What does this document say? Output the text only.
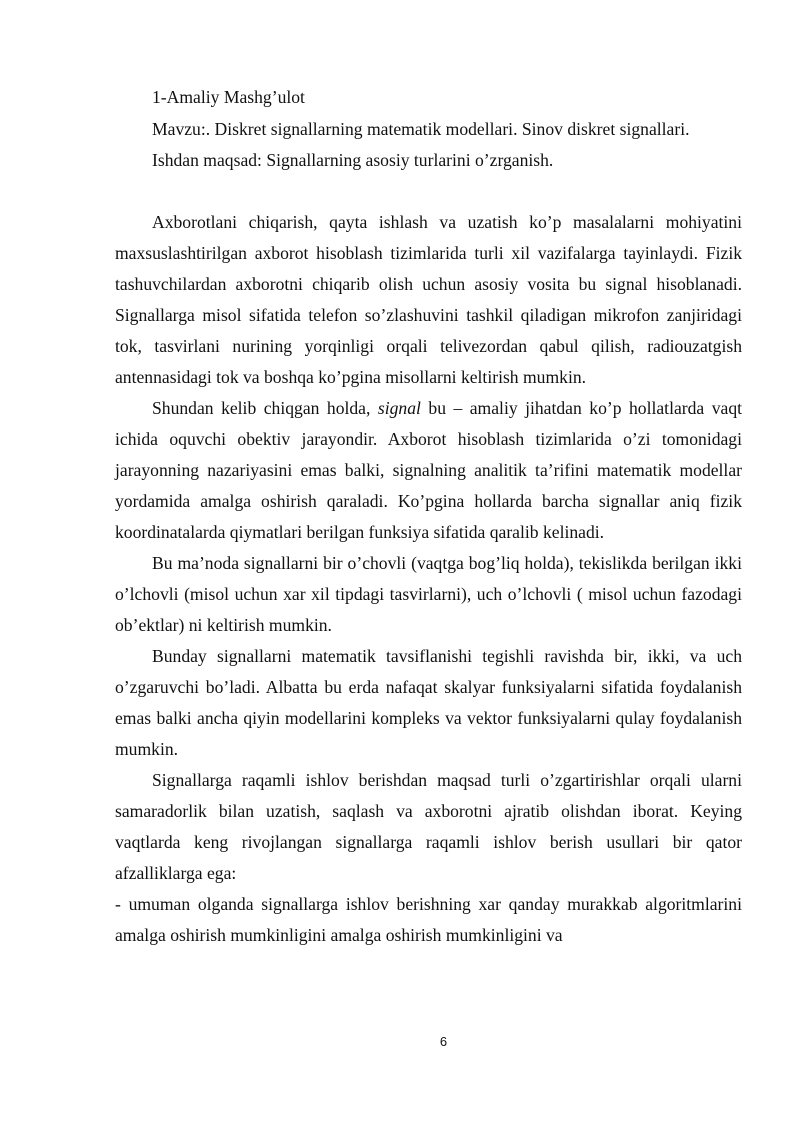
1-Amaliy Mashg’ulot
Mavzu:. Diskret signallarning matematik modellari. Sinov diskret signallari.
Ishdan maqsad: Signallarning asosiy turlarini o’zrganish.

Axborotlani chiqarish, qayta ishlash va uzatish ko’p masalalarni mohiyatini maxsuslashtirilgan axborot hisoblash tizimlarida turli xil vazifalarga tayinlaydi. Fizik tashuvchilardan axborotni chiqarib olish uchun asosiy vosita bu signal hisoblanadi. Signallarga misol sifatida telefon so’zlashuvini tashkil qiladigan mikrofon zanjiridagi tok, tasvirlani nurining yorqinligi orqali telivezordan qabul qilish, radiouzatgish antennasidagi tok va boshqa ko’pgina misollarni keltirish mumkin.

Shundan kelib chiqgan holda, signal bu – amaliy jihatdan ko’p hollatlarda vaqt ichida oquvchi obektiv jarayondir. Axborot hisoblash tizimlarida o’zi tomonidagi jarayonning nazariyasini emas balki, signalning analitik ta’rifini matematik modellar yordamida amalga oshirish qaraladi. Ko’pgina hollarda barcha signallar aniq fizik koordinatalarda qiymatlari berilgan funksiya sifatida qaralib kelinadi.

Bu ma’noda signallarni bir o’chovli (vaqtga bog’liq holda), tekislikda berilgan ikki o’lchovli (misol uchun xar xil tipdagi tasvirlarni), uch o’lchovli ( misol uchun fazodagi ob’ektlar) ni keltirish mumkin.

Bunday signallarni matematik tavsiflanishi tegishli ravishda bir, ikki, va uch o’zgaruvchi bo’ladi. Albatta bu erda nafaqat skalyar funksiyalarni sifatida foydalanish emas balki ancha qiyin modellarini kompleks va vektor funksiyalarni qulay foydalanish mumkin.

Signallarga raqamli ishlov berishdan maqsad turli o’zgartirishlar orqali ularni samaradorlik bilan uzatish, saqlash va axborotni ajratib olishdan iborat. Keying vaqtlarda keng rivojlangan signallarga raqamli ishlov berish usullari bir qator afzalliklarga ega:

- umuman olganda signallarga ishlov berishning xar qanday murakkab algoritmlarini amalga oshirish mumkinligini amalga oshirish mumkinligini va

6
